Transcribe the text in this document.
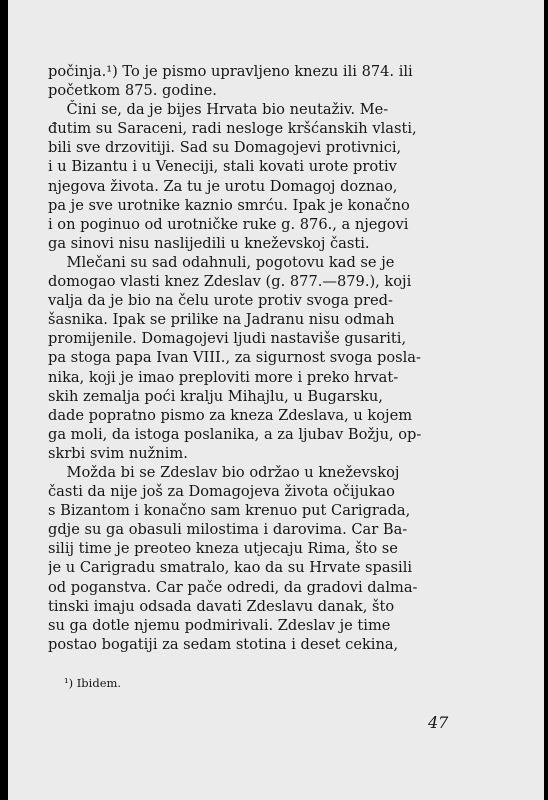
počinja.¹) To je pismo upravljeno knezu ili 874. ili
početkom 875. godine.
Čini se, da je bijes Hrvata bio neutaživ. Me-
đutim su Saraceni, radi nesloge kršćanskih vlasti,
bili sve drzovitiji. Sad su Domagojevi protivnici,
i u Bizantu i u Veneciji, stali kovati urote protiv
njegova života. Za tu je urotu Domagoj doznao,
pa je sve urotnike kaznio smrću. Ipak je konačno
i on poginuo od urotničke ruke g. 876., a njegovi
ga sinovi nisu naslijedili u kneževskoj časti.
Mlečani su sad odahnuli, pogotovu kad se je
domogao vlasti knez Zdeslav (g. 877.—879.), koji
valja da je bio na čelu urote protiv svoga pred-
šasnika. Ipak se prilike na Jadranu nisu odmah
promijenile. Domagojevi ljudi nastaviše gusariti,
pa stoga papa Ivan VIII., za sigurnost svoga posla-
nika, koji je imao preploviti more i preko hrvat-
skih zemalja poći kralju Mihajlu, u Bugarsku,
dade popratno pismo za kneza Zdeslava, u kojem
ga moli, da istoga poslanika, a za ljubav Božju, op-
skrbi svim nužnim.
Možda bi se Zdeslav bio održao u kneževskoj
časti da nije još za Domagojeva života očijukao
s Bizantom i konačno sam krenuo put Carigrada,
gdje su ga obasuli milostima i darovima. Car Ba-
silij time je preoteo kneza utjecaju Rima, što se
je u Carigradu smatralo, kao da su Hrvate spasili
od poganstva. Car pače odredi, da gradovi dalma-
tinski imaju odsada davati Zdeslavu danak, što
su ga dotle njemu podmirivali. Zdeslav je time
postao bogatiji za sedam stotina i deset cekina,
¹) Ibidem.
47
